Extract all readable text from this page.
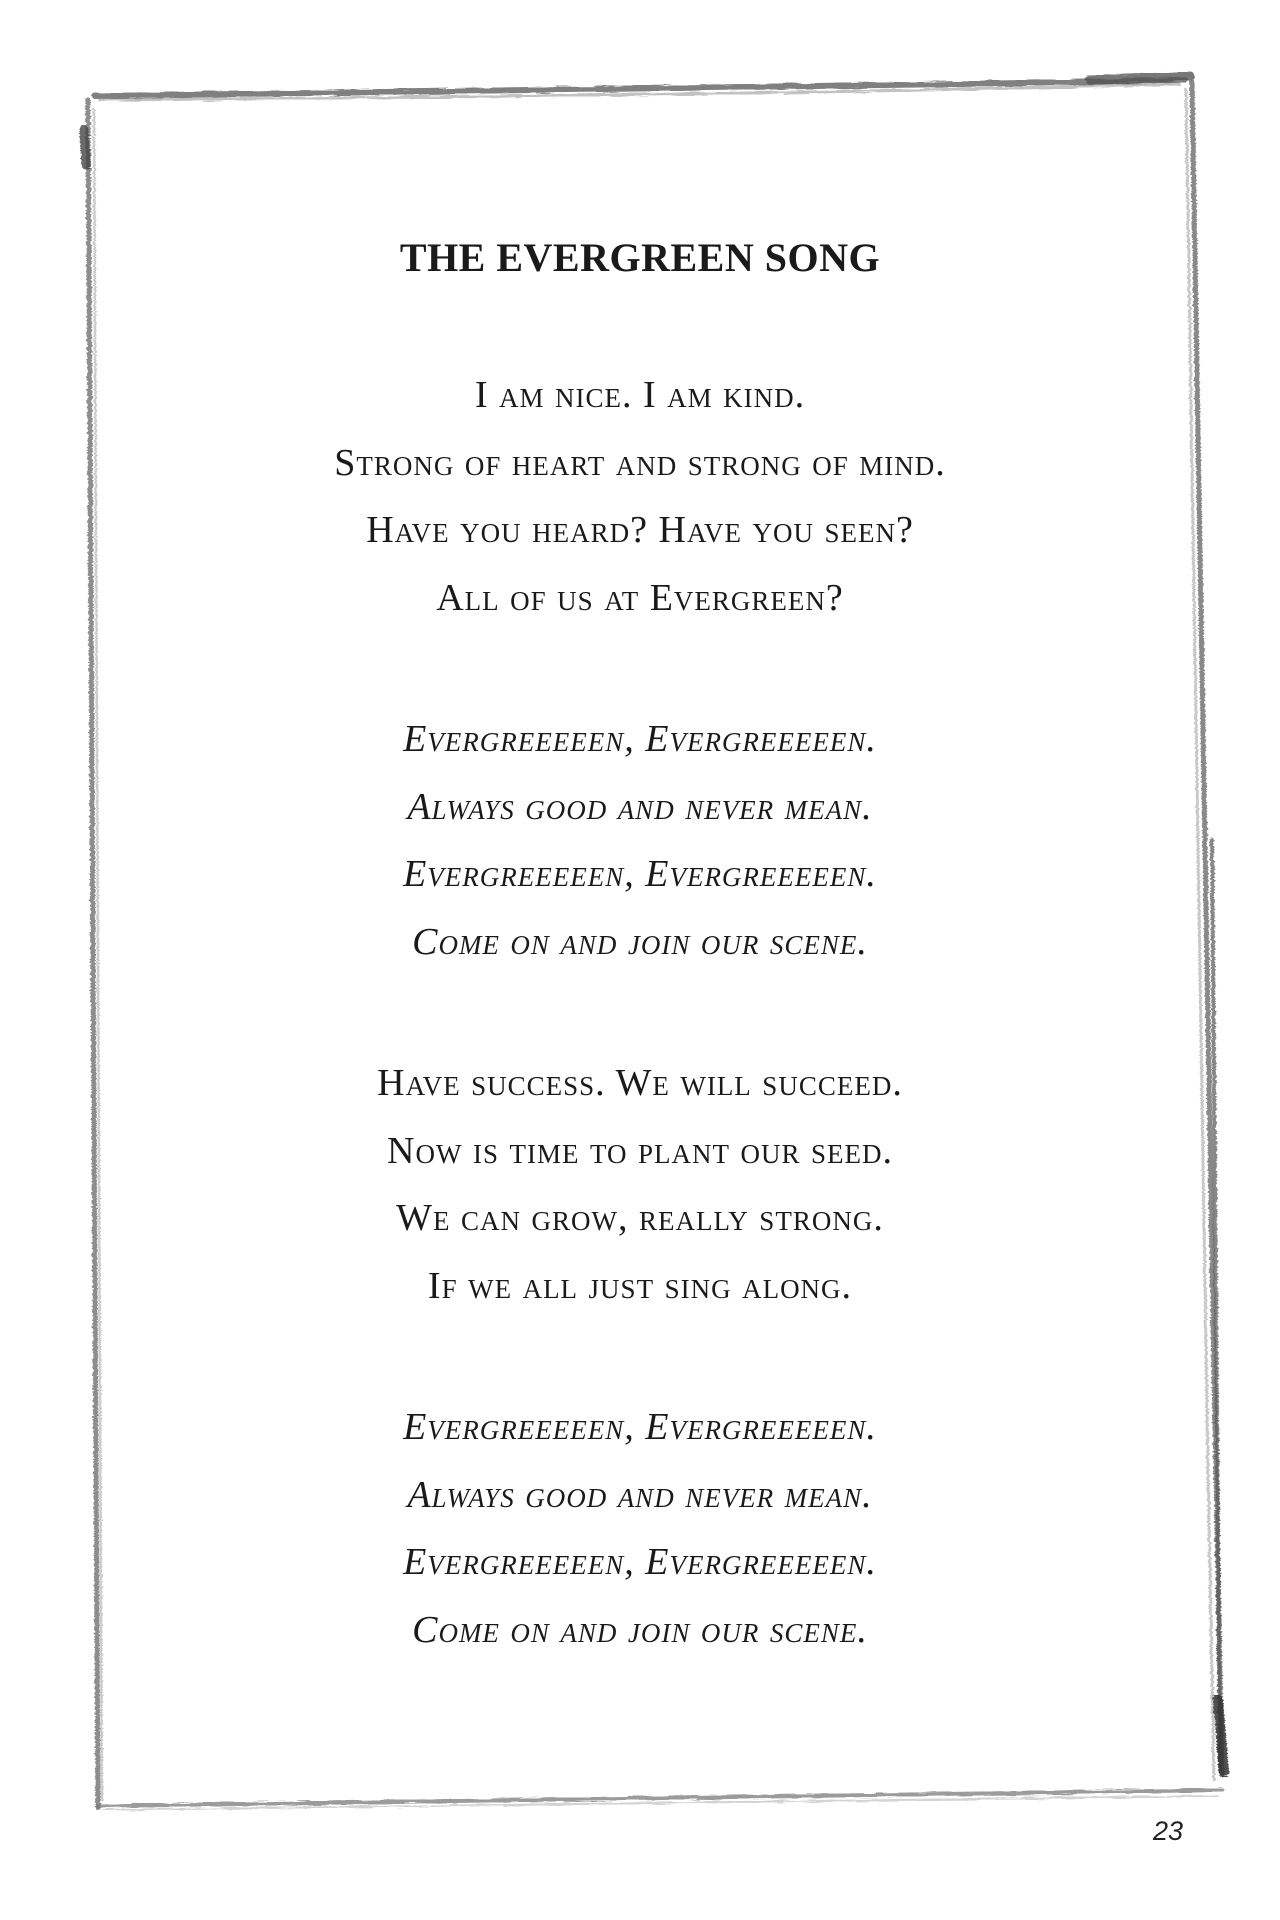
THE EVERGREEN SONG
I am nice. I am kind.
Strong of heart and strong of mind.
Have you heard? Have you seen?
All of us at Evergreen?
Evergreeeeen, Evergreeeeen.
Always good and never mean.
Evergreeeeen, Evergreeeeen.
Come on and join our scene.
Have success. We will succeed.
Now is time to plant our seed.
We can grow, really strong.
If we all just sing along.
Evergreeeeen, Evergreeeeen.
Always good and never mean.
Evergreeeeen, Evergreeeeen.
Come on and join our scene.
23
